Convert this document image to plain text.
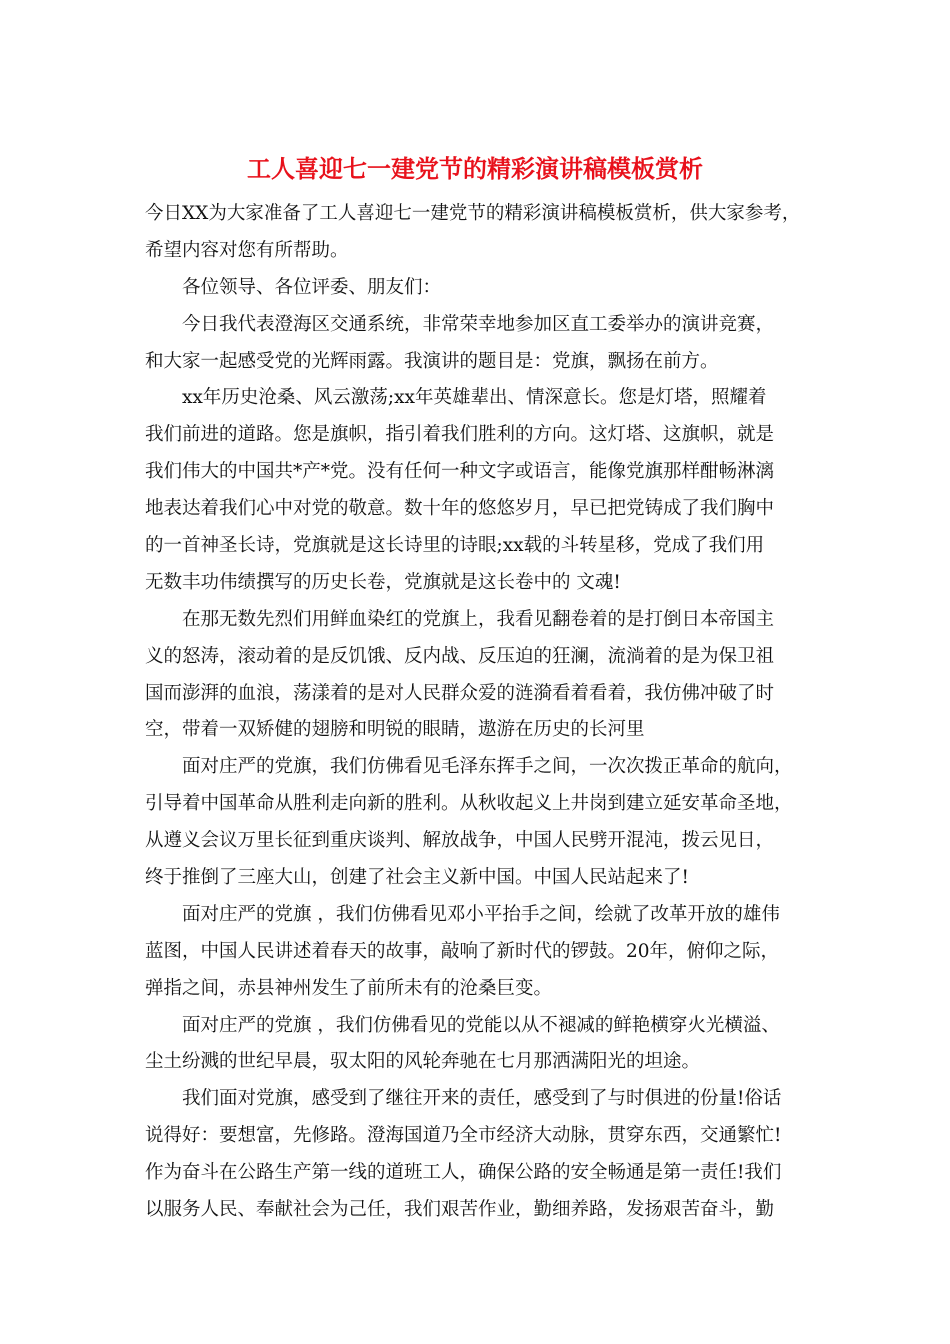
工人喜迎七一建党节的精彩演讲稿模板赏析
今日XX为大家准备了工人喜迎七一建党节的精彩演讲稿模板赏析，供大家参考，
希望内容对您有所帮助。
各位领导、各位评委、朋友们：
今日我代表澄海区交通系统，非常荣幸地参加区直工委举办的演讲竞赛，
和大家一起感受党的光辉雨露。我演讲的题目是：党旗，飘扬在前方。
xx年历史沧桑、风云激荡;xx年英雄辈出、情深意长。您是灯塔，照耀着
我们前进的道路。您是旗帜，指引着我们胜利的方向。这灯塔、这旗帜，就是
我们伟大的中国共*产*党。没有任何一种文字或语言，能像党旗那样酣畅淋漓
地表达着我们心中对党的敬意。数十年的悠悠岁月，早已把党铸成了我们胸中
的一首神圣长诗，党旗就是这长诗里的诗眼;xx载的斗转星移，党成了我们用
无数丰功伟绩撰写的历史长卷，党旗就是这长卷中的 文魂!
在那无数先烈们用鲜血染红的党旗上，我看见翻卷着的是打倒日本帝国主
义的怒涛，滚动着的是反饥饿、反内战、反压迫的狂澜，流淌着的是为保卫祖
国而澎湃的血浪，荡漾着的是对人民群众爱的涟漪看着看着，我仿佛冲破了时
空，带着一双矫健的翅膀和明锐的眼睛，遨游在历史的长河里
面对庄严的党旗，我们仿佛看见毛泽东挥手之间，一次次拨正革命的航向，
引导着中国革命从胜利走向新的胜利。从秋收起义上井岗到建立延安革命圣地，
从遵义会议万里长征到重庆谈判、解放战争，中国人民劈开混沌，拨云见日，
终于推倒了三座大山，创建了社会主义新中国。中国人民站起来了!
面对庄严的党旗 ，我们仿佛看见邓小平抬手之间，绘就了改革开放的雄伟
蓝图，中国人民讲述着春天的故事，敲响了新时代的锣鼓。20年，俯仰之际，
弹指之间，赤县神州发生了前所未有的沧桑巨变。
面对庄严的党旗 ，我们仿佛看见的党能以从不褪减的鲜艳横穿火光横溢、
尘土纷溅的世纪早晨，驭太阳的风轮奔驰在七月那洒满阳光的坦途。
我们面对党旗，感受到了继往开来的责任，感受到了与时俱进的份量!俗话
说得好：要想富，先修路。澄海国道乃全市经济大动脉，贯穿东西，交通繁忙!
作为奋斗在公路生产第一线的道班工人，确保公路的安全畅通是第一责任!我们
以服务人民、奉献社会为己任，我们艰苦作业，勤细养路，发扬艰苦奋斗，勤
